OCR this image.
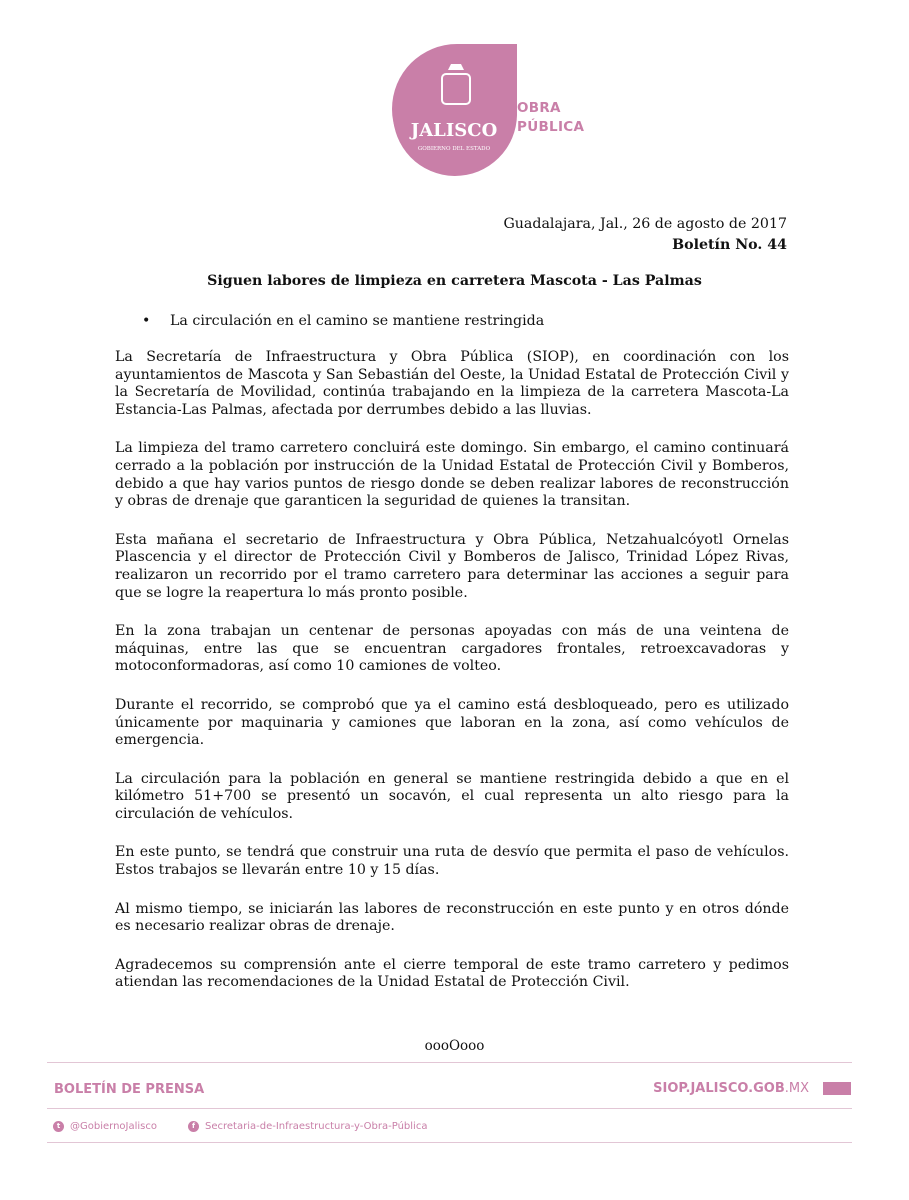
JALISCO
GOBIERNO DEL ESTADO
OBRA
PÚBLICA
Guadalajara, Jal., 26 de agosto de 2017
Boletín No. 44
Siguen labores de limpieza en carretera Mascota - Las Palmas
• La circulación en el camino se mantiene restringida

La Secretaría de Infraestructura y Obra Pública (SIOP), en coordinación con los ayuntamientos de Mascota y San Sebastián del Oeste, la Unidad Estatal de Protección Civil y la Secretaría de Movilidad, continúa trabajando en la limpieza de la carretera Mascota-La Estancia-Las Palmas, afectada por derrumbes debido a las lluvias.

La limpieza del tramo carretero concluirá este domingo. Sin embargo, el camino continuará cerrado a la población por instrucción de la Unidad Estatal de Protección Civil y Bomberos, debido a que hay varios puntos de riesgo donde se deben realizar labores de reconstrucción y obras de drenaje que garanticen la seguridad de quienes la transitan.

Esta mañana el secretario de Infraestructura y Obra Pública, Netzahualcóyotl Ornelas Plascencia y el director de Protección Civil y Bomberos de Jalisco, Trinidad López Rivas, realizaron un recorrido por el tramo carretero para determinar las acciones a seguir para que se logre la reapertura lo más pronto posible.

En la zona trabajan un centenar de personas apoyadas con más de una veintena de máquinas, entre las que se encuentran cargadores frontales, retroexcavadoras y motoconformadoras, así como 10 camiones de volteo.

Durante el recorrido, se comprobó que ya el camino está desbloqueado, pero es utilizado únicamente por maquinaria y camiones que laboran en la zona, así como vehículos de emergencia.

La circulación para la población en general se mantiene restringida debido a que en el kilómetro 51+700 se presentó un socavón, el cual representa un alto riesgo para la circulación de vehículos.

En este punto, se tendrá que construir una ruta de desvío que permita el paso de vehículos. Estos trabajos se llevarán entre 10 y 15 días.

Al mismo tiempo, se iniciarán las labores de reconstrucción en este punto y en otros dónde es necesario realizar obras de drenaje.

Agradecemos su comprensión ante el cierre temporal de este tramo carretero y pedimos atiendan las recomendaciones de la Unidad Estatal de Protección Civil.

oooOooo
BOLETÍN DE PRENSA	SIOP.JALISCO.GOB.MX
t @GobiernoJalisco	f Secretaria-de-Infraestructura-y-Obra-Pública
